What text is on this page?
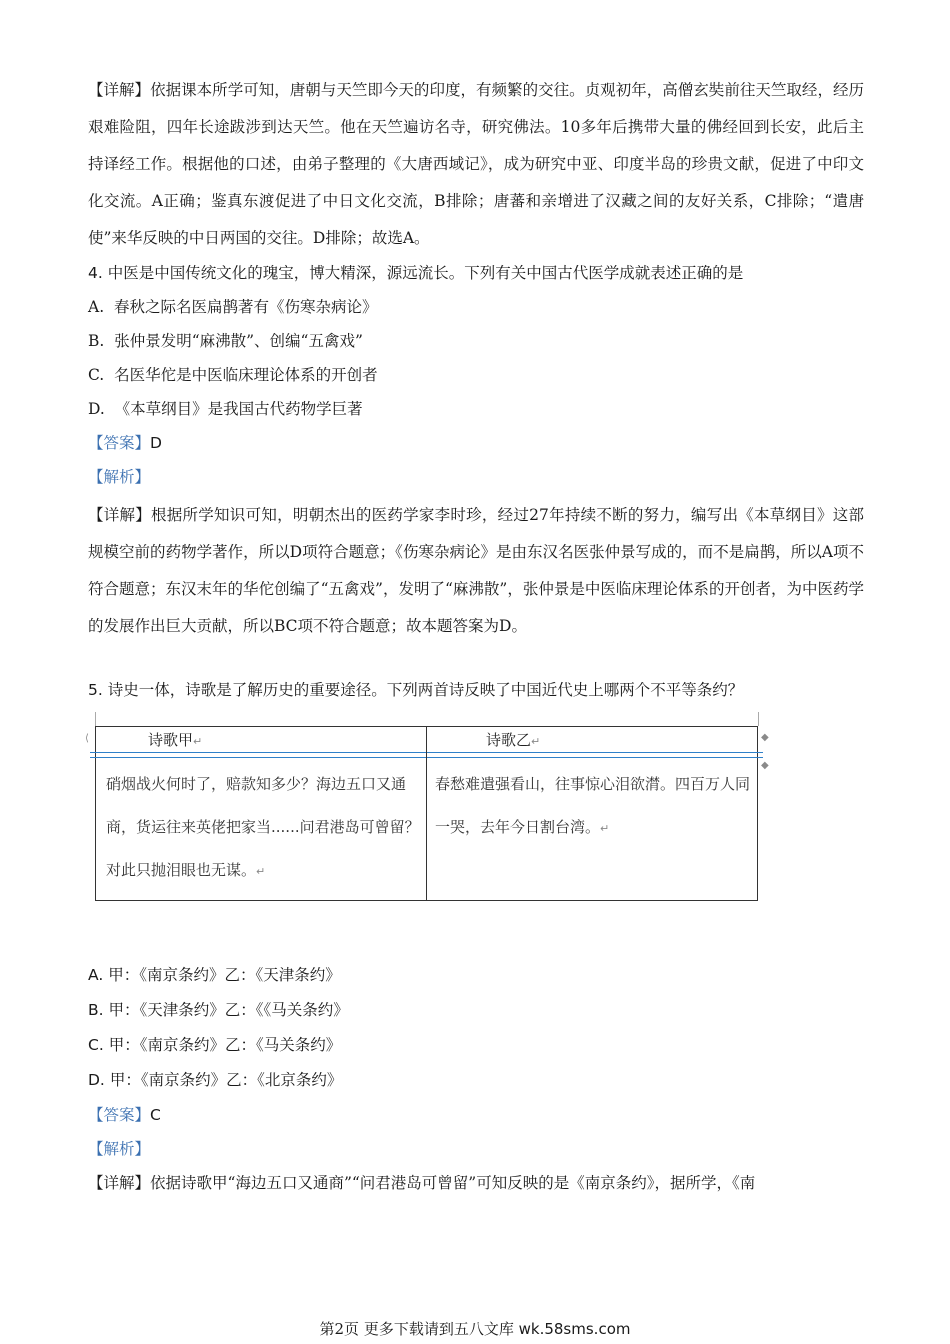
【详解】依据课本所学可知，唐朝与天竺即今天的印度，有频繁的交往。贞观初年，高僧玄奘前往天竺取经，经历艰难险阻，四年长途跋涉到达天竺。他在天竺遍访名寺，研究佛法。10多年后携带大量的佛经回到长安，此后主持译经工作。根据他的口述，由弟子整理的《大唐西域记》，成为研究中亚、印度半岛的珍贵文献，促进了中印文化交流。A正确；鉴真东渡促进了中日文化交流，B排除；唐蕃和亲增进了汉藏之间的友好关系，C排除；“遣唐使”来华反映的中日两国的交往。D排除；故选A。

4. 中医是中国传统文化的瑰宝，博大精深，源远流长。下列有关中国古代医学成就表述正确的是

A. 春秋之际名医扁鹊著有《伤寒杂病论》

B. 张仲景发明“麻沸散”、创编“五禽戏”

C. 名医华佗是中医临床理论体系的开创者

D. 《本草纲目》是我国古代药物学巨著

【答案】D

【解析】

【详解】根据所学知识可知，明朝杰出的医药学家李时珍，经过27年持续不断的努力，编写出《本草纲目》这部规模空前的药物学著作，所以D项符合题意；《伤寒杂病论》是由东汉名医张仲景写成的，而不是扁鹊，所以A项不符合题意；东汉末年的华佗创编了“五禽戏”，发明了“麻沸散”，张仲景是中医临床理论体系的开创者，为中医药学的发展作出巨大贡献，所以BC项不符合题意；故本题答案为D。

5. 诗史一体，诗歌是了解历史的重要途径。下列两首诗反映了中国近代史上哪两个不平等条约？

诗歌甲↵	诗歌乙↵
硝烟战火何时了，赔款知多少？海边五口又通商，货运往来英佬把家当......问君港岛可曾留？对此只抛泪眼也无谋。↵
春愁难遣强看山，往事惊心泪欲潸。四百万人同一哭，去年今日割台湾。↵
⟨	◆
◆

A. 甲：《南京条约》乙：《天津条约》

B. 甲：《天津条约》乙：《《马关条约》

C. 甲：《南京条约》乙：《马关条约》

D. 甲：《南京条约》乙：《北京条约》

【答案】C

【解析】

【详解】依据诗歌甲“海边五口又通商”“问君港岛可曾留”可知反映的是《南京条约》，据所学，《南

第2页 更多下载请到五八文库 wk.58sms.com
